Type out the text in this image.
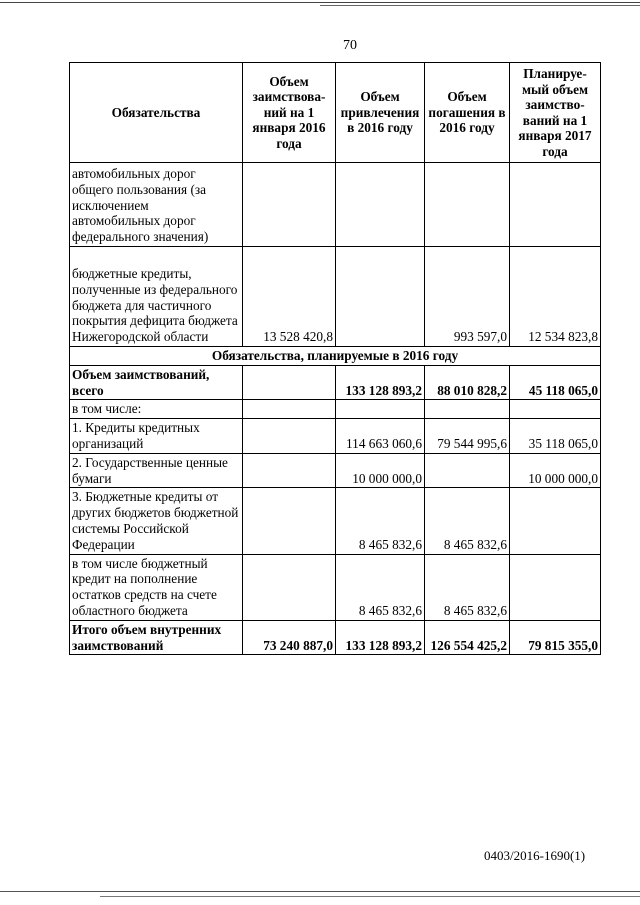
70
Обязательства	Объем заимствова-ний на 1 января 2016 года	Объем привлечения в 2016 году	Объем погашения в 2016 году	Планируе-мый объем заимство-ваний на 1 января 2017 года
автомобильных дорог общего пользования (за исключением автомобильных дорог федерального значения)				
бюджетные кредиты, полученные из федерального бюджета для частичного покрытия дефицита бюджета Нижегородской области	13 528 420,8		993 597,0	12 534 823,8
Обязательства, планируемые в 2016 году				
Объем заимствований, всего		133 128 893,2	88 010 828,2	45 118 065,0
в том числе:				
1. Кредиты кредитных организаций		114 663 060,6	79 544 995,6	35 118 065,0
2. Государственные ценные бумаги		10 000 000,0		10 000 000,0
3. Бюджетные кредиты от других бюджетов бюджетной системы Российской Федерации		8 465 832,6	8 465 832,6	
в том числе бюджетный кредит на пополнение остатков средств на счете областного бюджета		8 465 832,6	8 465 832,6	
Итого объем внутренних заимствований	73 240 887,0	133 128 893,2	126 554 425,2	79 815 355,0
0403/2016-1690(1)
